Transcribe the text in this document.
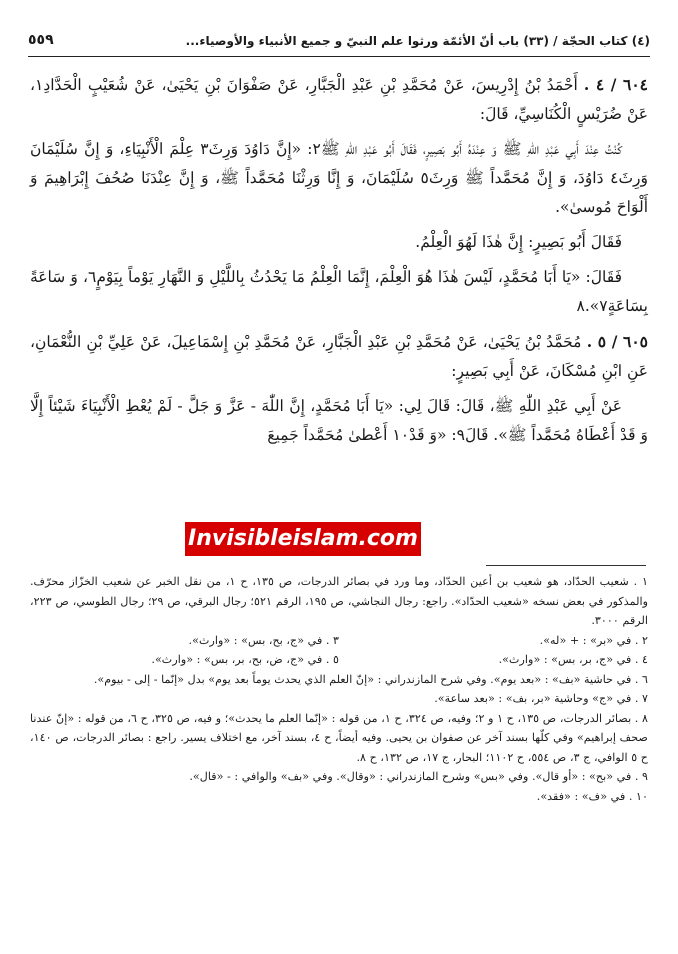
(٤) كتاب الحجّة / (٣٣) باب أنّ الأئمّة ورثوا علم النبيّ و جميع الأنبياء والأوصياء...
٥٥٩

٦٠٤ / ٤ . أَحْمَدُ بْنُ إِدْرِيسَ، عَنْ مُحَمَّدِ بْنِ عَبْدِ الْجَبَّارِ، عَنْ صَفْوَانَ بْنِ يَحْيَىٰ، عَنْ شُعَيْبٍ الْحَدَّادِ١، عَنْ ضُرَيْسٍ الْكُنَاسِيِّ، قَالَ:

كُنْتُ عِنْدَ أَبِي عَبْدِ اللّٰهِ ﷺ وَ عِنْدَهُ أَبُو بَصِيرٍ، فَقَالَ أَبُو عَبْدِ اللّٰهِ ﷺ٢: «إِنَّ دَاوُدَ وَرِثَ٣ عِلْمَ الْأَنْبِيَاءِ، وَ إِنَّ سُلَيْمَانَ وَرِثَ٤ دَاوُدَ، وَ إِنَّ مُحَمَّداً ﷺ وَرِثَ٥ سُلَيْمَانَ، وَ إِنَّا وَرِثْنَا مُحَمَّداً ﷺ، وَ إِنَّ عِنْدَنَا صُحُفَ إِبْرَاهِيمَ وَ أَلْوَاحَ مُوسىٰ».

فَقَالَ أَبُو بَصِيرٍ: إِنَّ هٰذَا لَهُوَ الْعِلْمُ.

فَقَالَ: «يَا أَبَا مُحَمَّدٍ، لَيْسَ هٰذَا هُوَ الْعِلْمَ، إِنَّمَا الْعِلْمُ مَا يَحْدُثُ بِاللَّيْلِ وَ النَّهَارِ يَوْماً بِيَوْمٍ٦، وَ سَاعَةً بِسَاعَةٍ٧».٨

٦٠٥ / ٥ . مُحَمَّدُ بْنُ يَحْيَىٰ، عَنْ مُحَمَّدِ بْنِ عَبْدِ الْجَبَّارِ، عَنْ مُحَمَّدِ بْنِ إِسْمَاعِيلَ، عَنْ عَلِيِّ بْنِ النُّعْمَانِ، عَنِ ابْنِ مُسْكَانَ، عَنْ أَبِي بَصِيرٍ:

عَنْ أَبِي عَبْدِ اللّٰهِ ﷺ، قَالَ: قَالَ لِي: «يَا أَبَا مُحَمَّدٍ، إِنَّ اللّٰهَ - عَزَّ وَ جَلَّ - لَمْ يُعْطِ الْأَنْبِيَاءَ شَيْئاً إِلَّا وَ قَدْ أَعْطَاهُ مُحَمَّداً ﷺ». قَالَ٩: «وَ قَدْ١٠ أَعْطىٰ مُحَمَّداً جَمِيعَ

Invisibleislam.com

١ . شعيب الحدّاد، هو شعيب بن أعين الحدّاد، وما ورد في بصائر الدرجات، ص ١٣٥، ح ١، من نقل الخبر عن شعيب الخزّاز محرّف. والمذكور في بعض نسخه «شعيب الحدّاد». راجع: رجال النجاشي، ص ١٩٥، الرقم ٥٢١؛ رجال البرقي، ص ٢٩؛ رجال الطوسي، ص ٢٢٣، الرقم ٣٠٠٠.

٢ . في «بر» : + «له».

٣ . في «ج، بح، بس» : «وارث».

٤ . في «ج، بر، بس» : «وارث».

٥ . في «ج، ض، بح، بر، بس» : «وارث».

٦ . في حاشية «بف» : «بعد يوم». وفي شرح المازندراني : «إنّ العلم الذي يحدث يوماً بعد يوم» بدل «إنّما - إلى - بيوم».

٧ . في «ج» وحاشية «بر، بف» : «بعد ساعة».

٨ . بصائر الدرجات، ص ١٣٥، ح ١ و ٢؛ وفيه، ص ٣٢٤، ح ١، من قوله : «إنّما العلم ما يحدث»؛ و فيه، ص ٣٢٥، ح ٦، من قوله : «إنّ عندنا صحف إبراهيم» وفي كلّها بسند آخر عن صفوان بن يحيى. وفيه أيضاً، ح ٤، بسند آخر، مع اختلاف يسير. راجع : بصائر الدرجات، ص ١٤٠، ح ٥ الوافي، ج ٣، ص ٥٥٤، ح ١١٠٢؛ البحار، ج ١٧، ص ١٣٢، ح ٨.

٩ . في «بح» : «أو قال». وفي «بس» وشرح المازندراني : «وقال». وفي «بف» والوافي : - «قال».

١٠ . في «ف» : «فقد».
